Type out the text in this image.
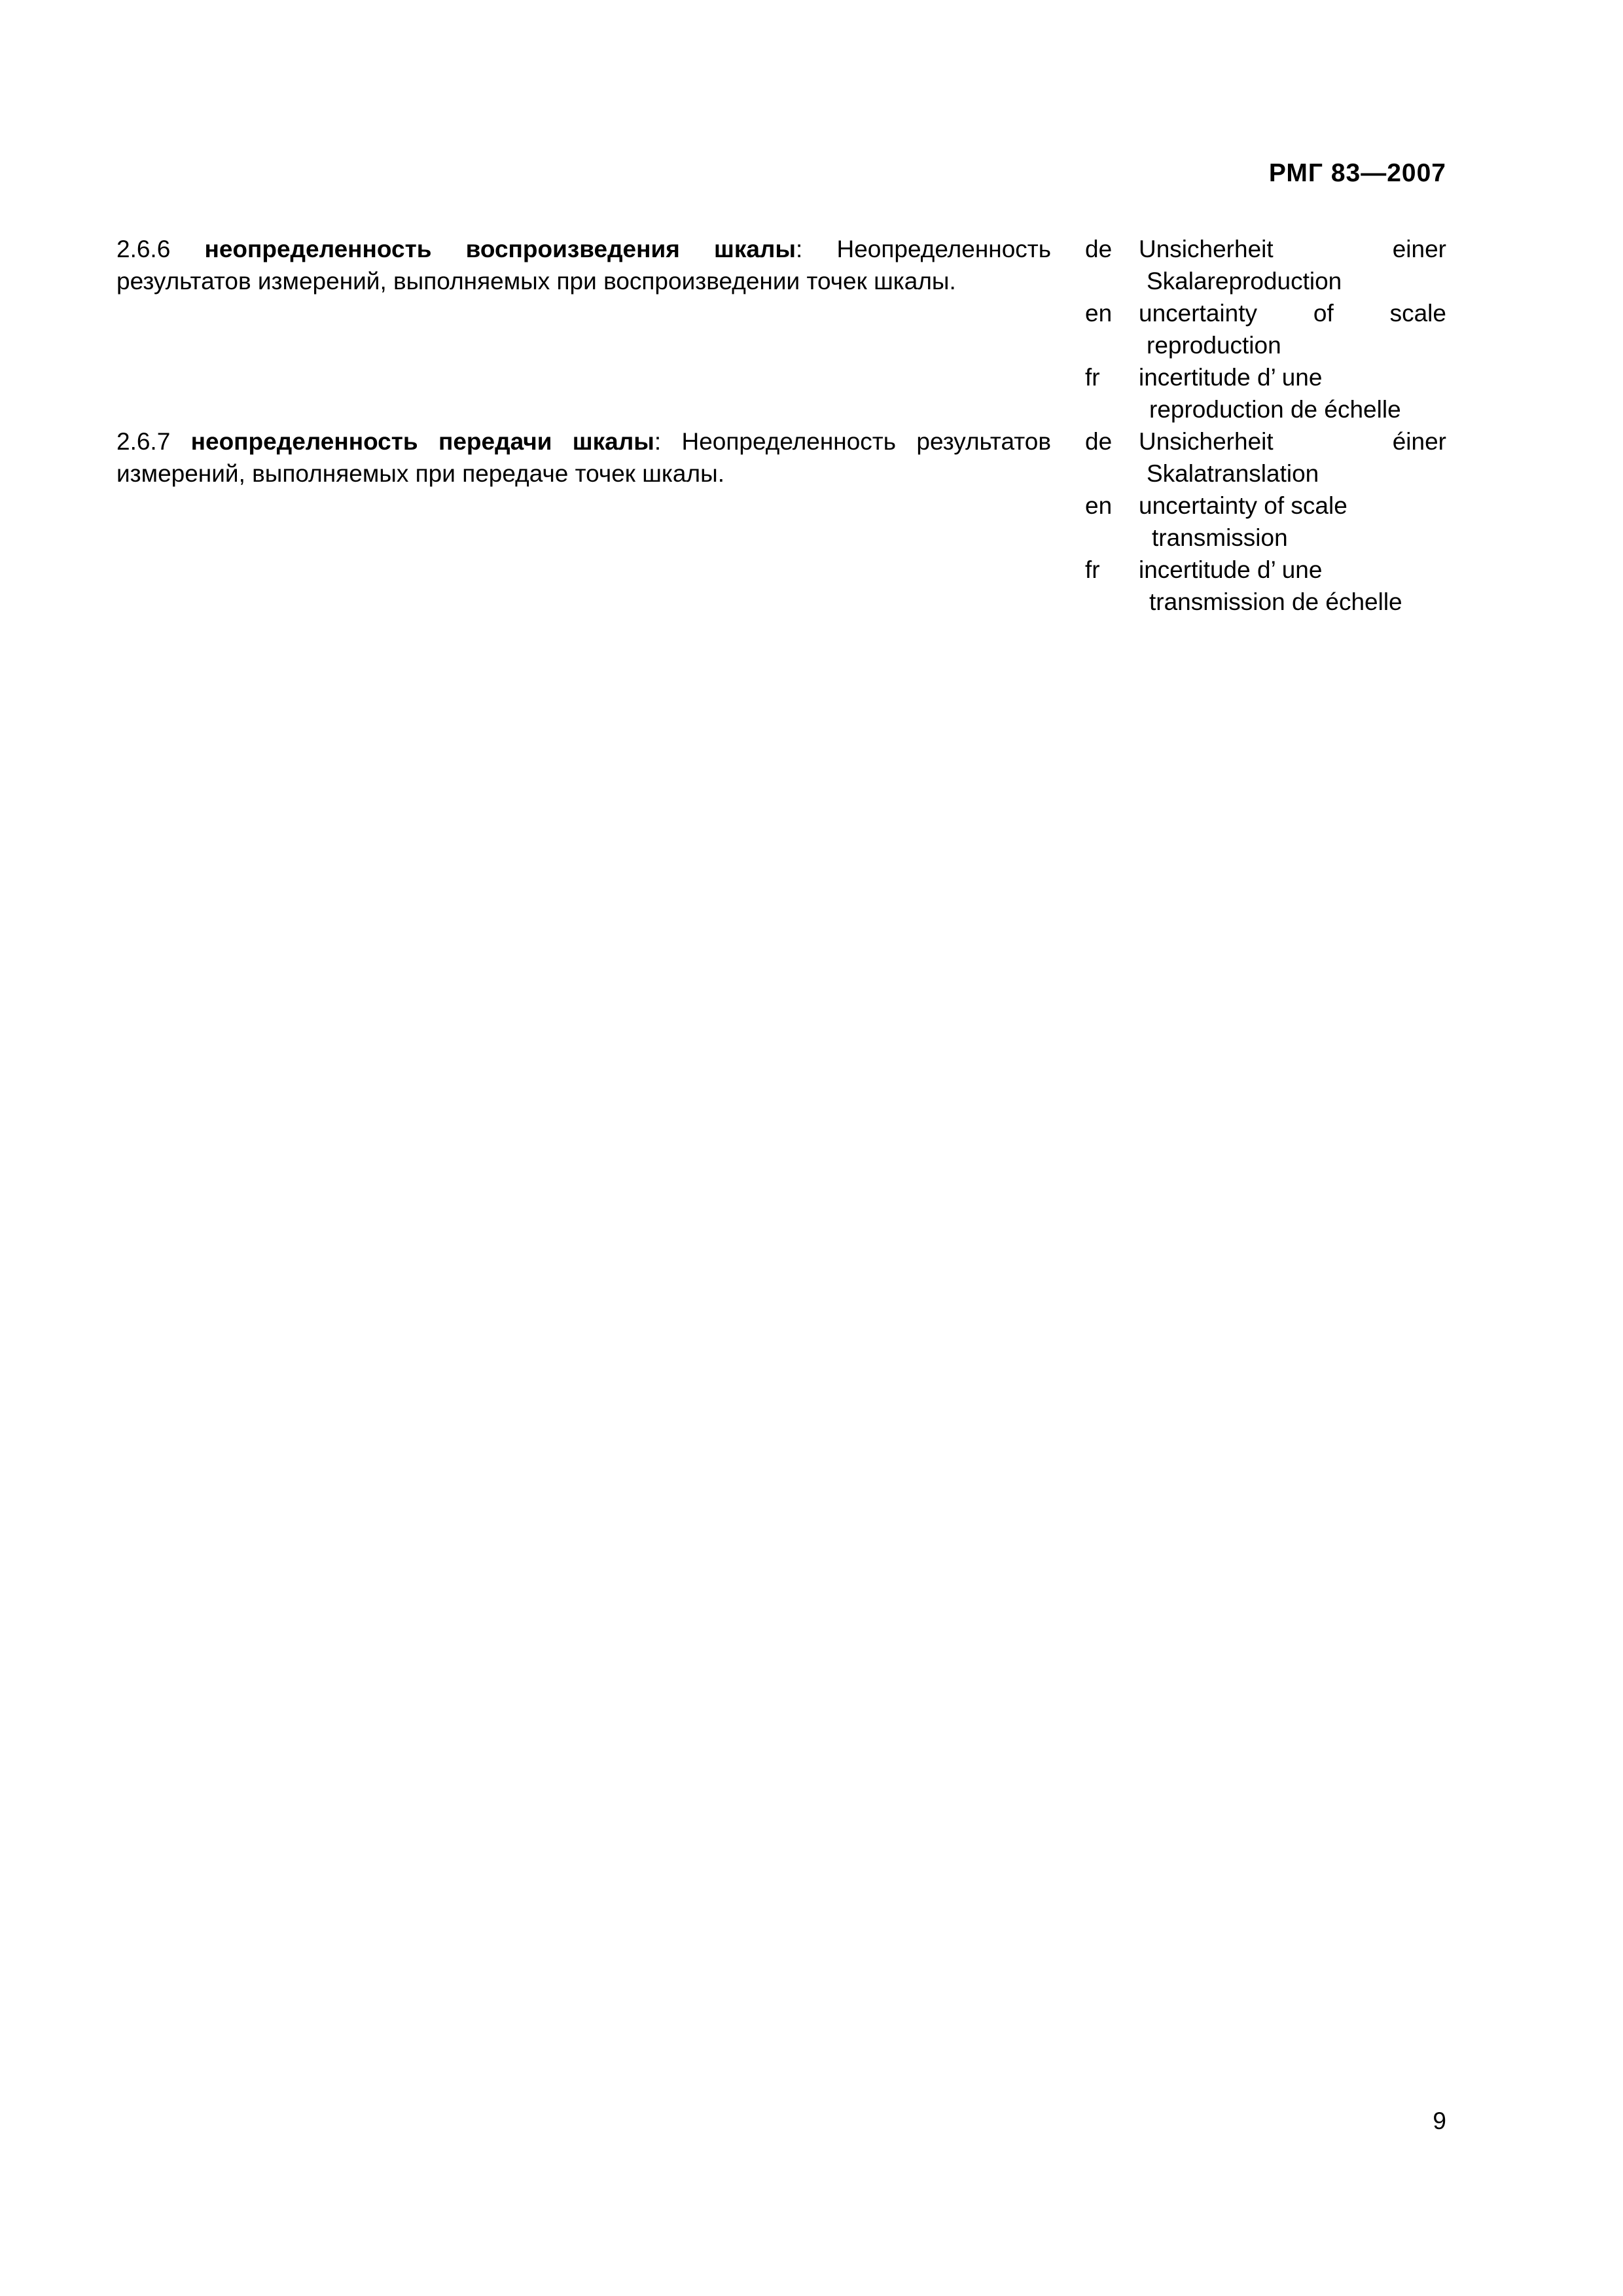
РМГ 83—2007
2.6.6 неопределенность воспроизведения шкалы: Неопределенность результатов измерений, выполняемых при воспроизведении точек шкалы.
de	Unsicherheit einer
Skalareproduction
en	uncertainty of scale
reproduction
fr	incertitude d’ une
reproduction de échelle
2.6.7 неопределенность передачи шкалы: Неопределенность результатов измерений, выполняемых при передаче точек шкалы.
de	Unsicherheit éiner
Skalatranslation
en	uncertainty of scale
transmission
fr	incertitude d’ une
transmission de échelle
9
